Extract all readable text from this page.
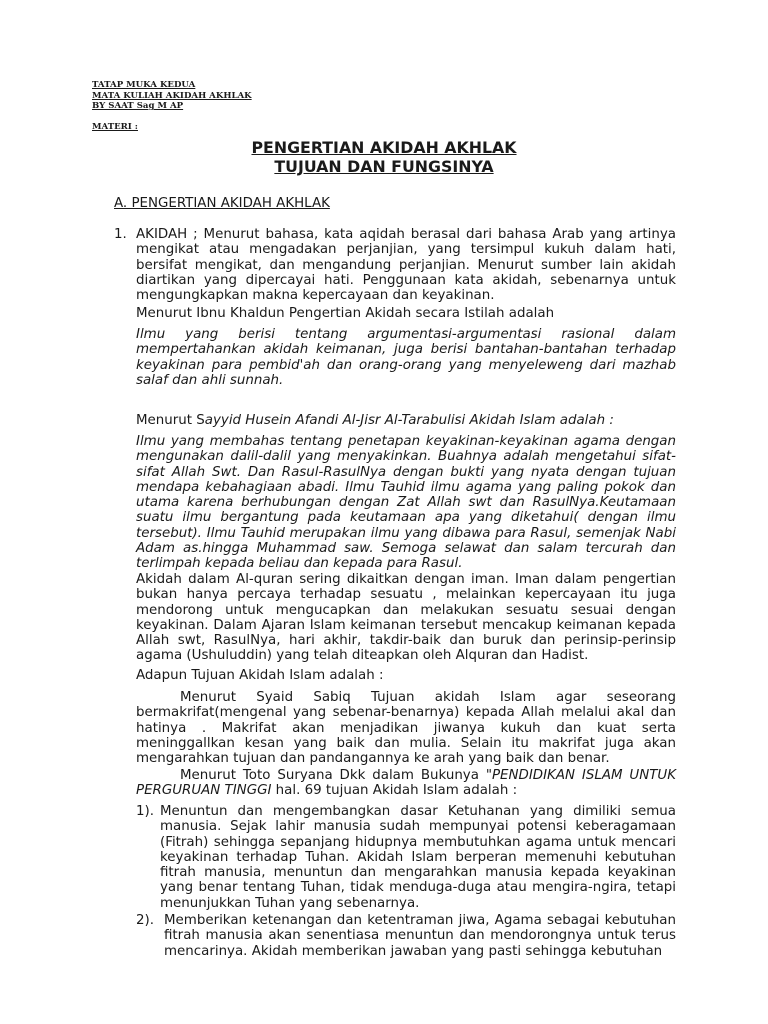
TATAP MUKA KEDUA
MATA KULIAH AKIDAH AKHLAK
BY SAAT Sag M AP
MATERI :
PENGERTIAN AKIDAH AKHLAK
TUJUAN DAN FUNGSINYA
A. PENGERTIAN AKIDAH AKHLAK
1. AKIDAH ; Menurut bahasa, kata aqidah berasal dari bahasa Arab yang artinya mengikat atau mengadakan perjanjian, yang tersimpul kukuh dalam hati, bersifat mengikat, dan mengandung perjanjian. Menurut sumber lain akidah diartikan yang dipercayai hati. Penggunaan kata akidah, sebenarnya untuk mengungkapkan makna kepercayaan dan keyakinan.
Menurut Ibnu Khaldun Pengertian Akidah secara Istilah adalah
Ilmu yang berisi tentang argumentasi-argumentasi rasional dalam mempertahankan akidah keimanan, juga berisi bantahan-bantahan terhadap keyakinan para pembid'ah dan orang-orang yang menyeleweng dari mazhab salaf dan ahli sunnah.
Menurut Sayyid Husein Afandi Al-Jisr Al-Tarabulisi Akidah Islam adalah :
Ilmu yang membahas tentang penetapan keyakinan-keyakinan agama dengan mengunakan dalil-dalil yang menyakinkan. Buahnya adalah mengetahui sifat-sifat Allah Swt. Dan Rasul-RasulNya dengan bukti yang nyata dengan tujuan mendapa kebahagiaan abadi. Ilmu Tauhid ilmu agama yang paling pokok dan utama karena berhubungan dengan Zat Allah swt dan RasulNya.Keutamaan suatu ilmu bergantung pada keutamaan apa yang diketahui( dengan ilmu tersebut). Ilmu Tauhid merupakan ilmu yang dibawa para Rasul, semenjak Nabi Adam as.hingga Muhammad saw. Semoga selawat dan salam tercurah dan terlimpah kepada beliau dan kepada para Rasul.
Akidah dalam Al-quran sering dikaitkan dengan iman. Iman dalam pengertian bukan hanya percaya terhadap sesuatu , melainkan kepercayaan itu juga mendorong untuk mengucapkan dan melakukan sesuatu sesuai dengan keyakinan. Dalam Ajaran Islam keimanan tersebut mencakup keimanan kepada Allah swt, RasulNya, hari akhir, takdir-baik dan buruk dan perinsip-perinsip agama (Ushuluddin) yang telah diteapkan oleh Alquran dan Hadist.
Adapun Tujuan Akidah Islam adalah :
Menurut Syaid Sabiq Tujuan akidah Islam agar seseorang bermakrifat(mengenal yang sebenar-benarnya) kepada Allah melalui akal dan hatinya . Makrifat akan menjadikan jiwanya kukuh dan kuat serta meninggallkan kesan yang baik dan mulia. Selain itu makrifat juga akan mengarahkan tujuan dan pandangannya ke arah yang baik dan benar.
Menurut Toto Suryana Dkk dalam Bukunya "PENDIDIKAN ISLAM UNTUK PERGURUAN TINGGI hal. 69 tujuan Akidah Islam adalah :
1). Menuntun dan mengembangkan dasar Ketuhanan yang dimiliki semua manusia. Sejak lahir manusia sudah mempunyai potensi keberagamaan (Fitrah) sehingga sepanjang hidupnya membutuhkan agama untuk mencari keyakinan terhadap Tuhan. Akidah Islam berperan memenuhi kebutuhan fitrah manusia, menuntun dan mengarahkan manusia kepada keyakinan yang benar tentang Tuhan, tidak menduga-duga atau mengira-ngira, tetapi menunjukkan Tuhan yang sebenarnya.
2). Memberikan ketenangan dan ketentraman jiwa, Agama sebagai kebutuhan fitrah manusia akan senentiasa menuntun dan mendorongnya untuk terus mencarinya. Akidah memberikan jawaban yang pasti sehingga kebutuhan
